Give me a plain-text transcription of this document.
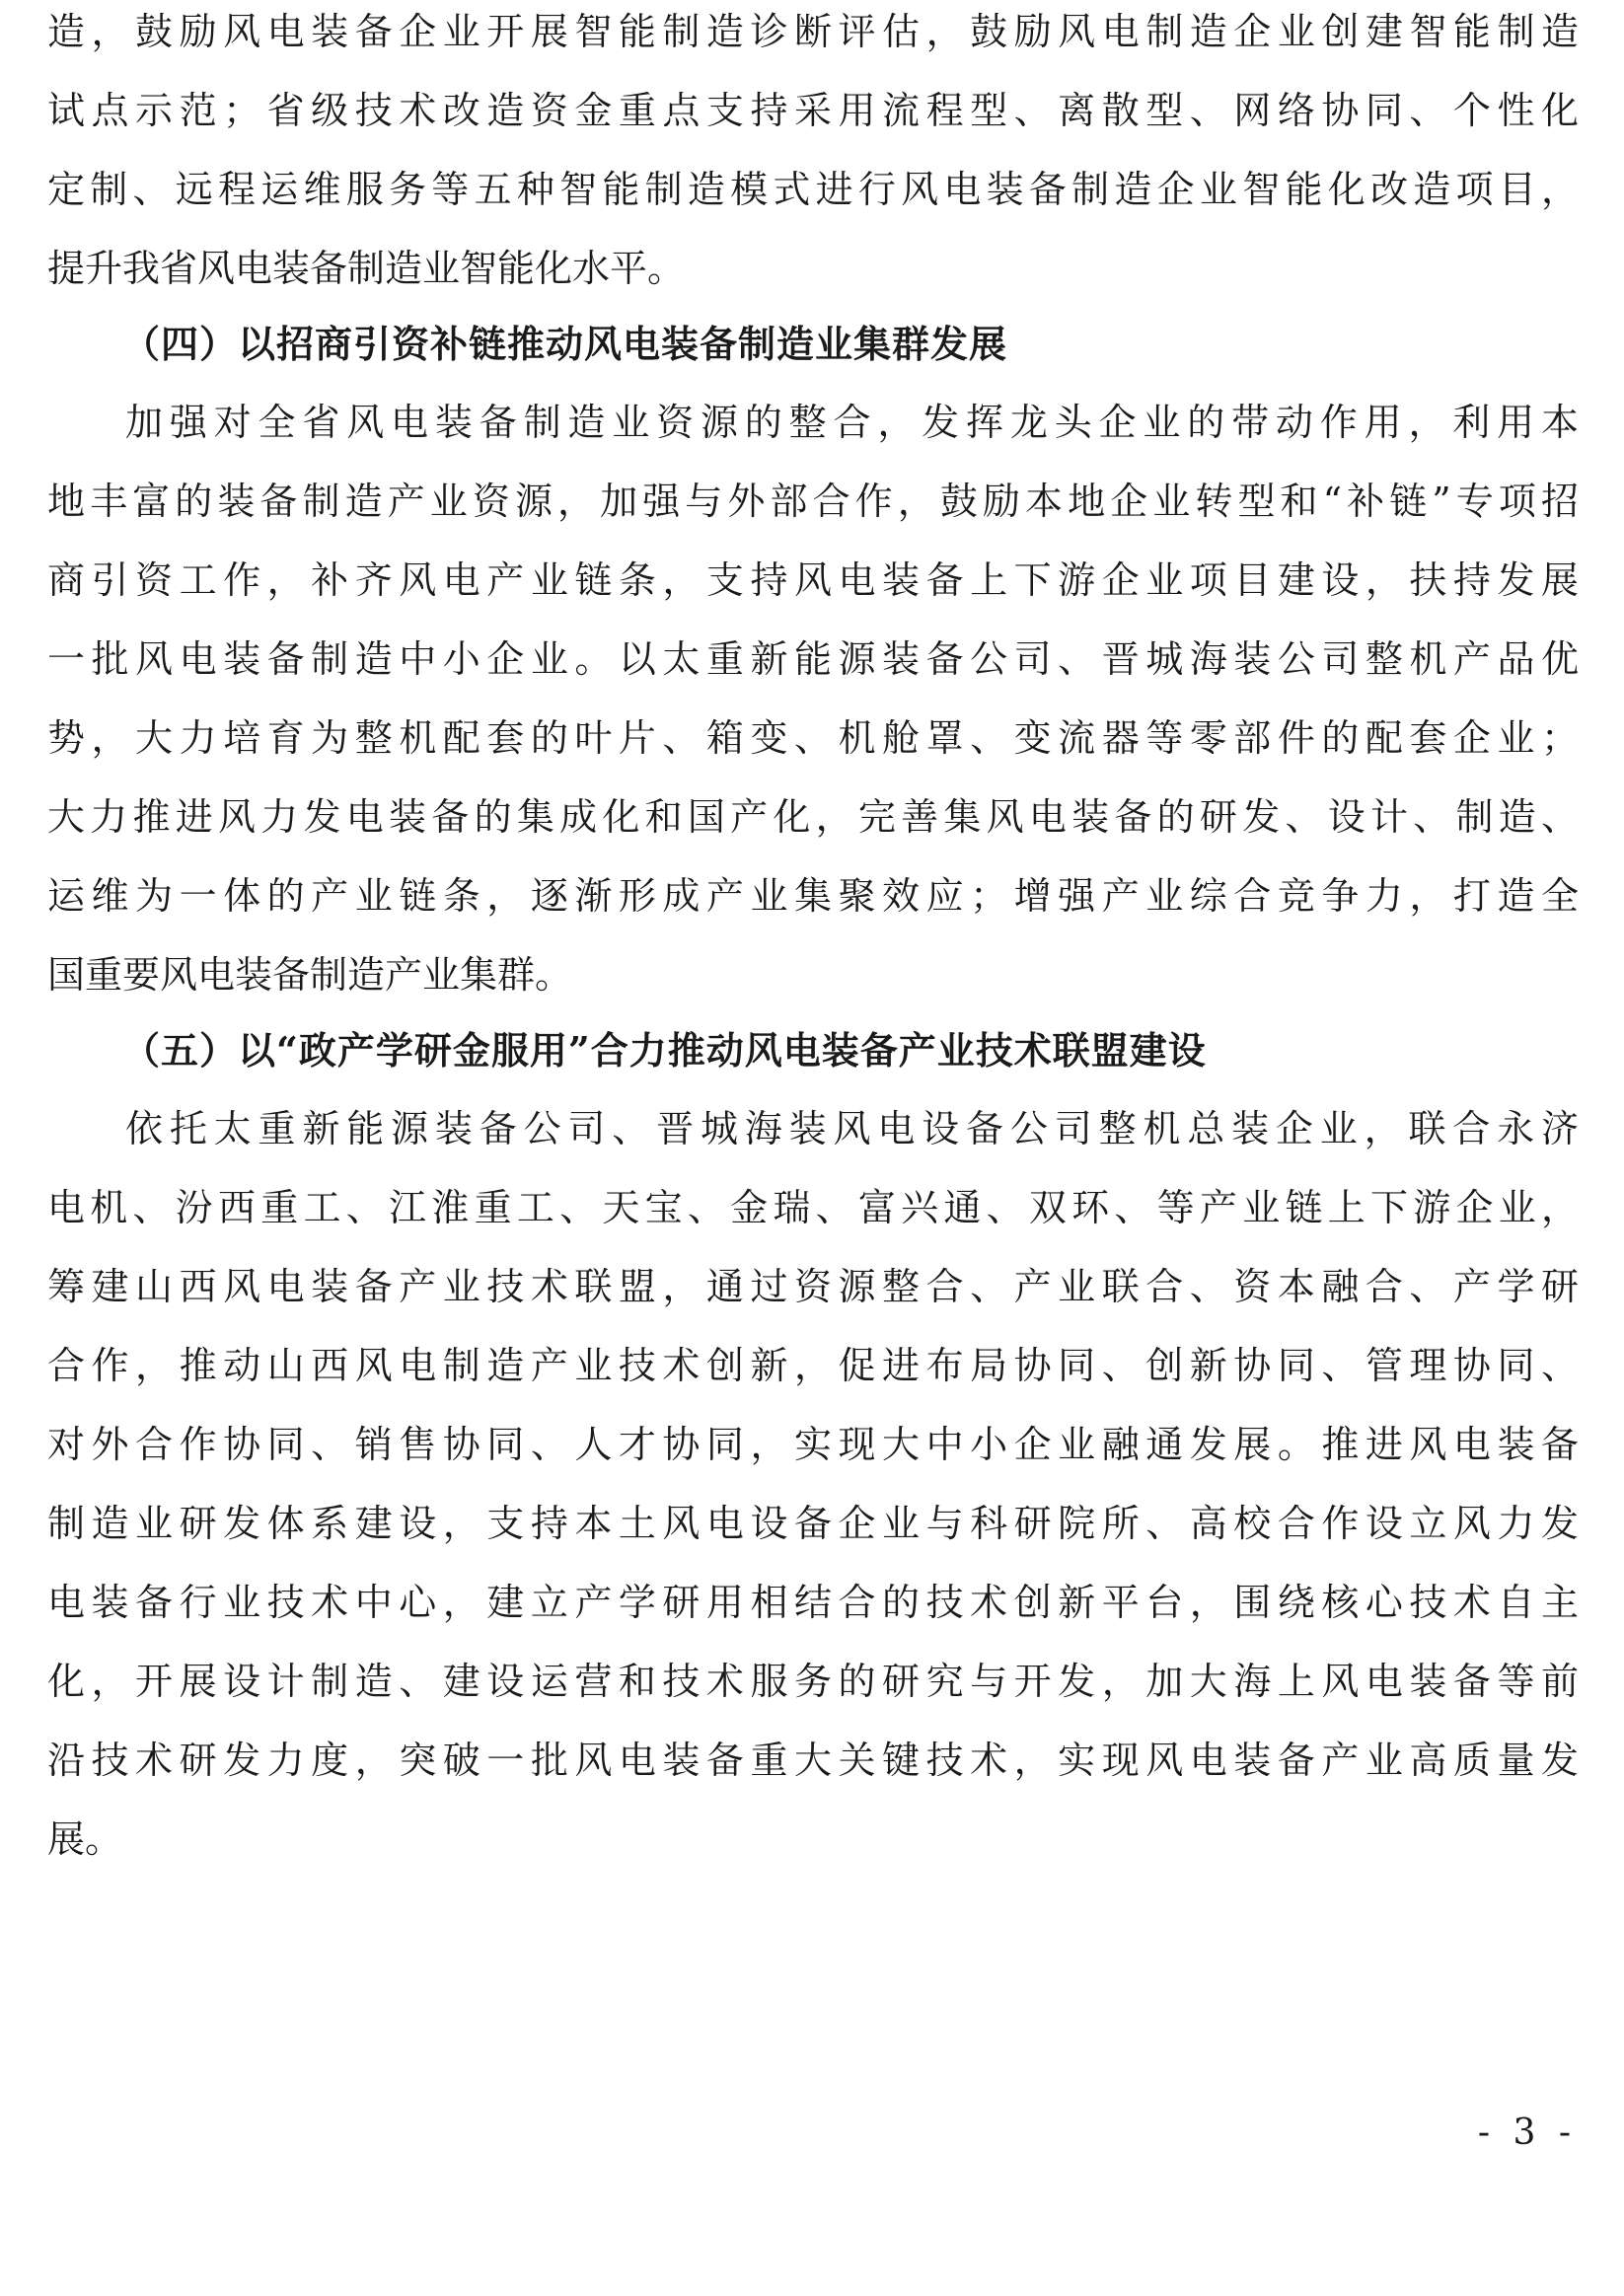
造，鼓励风电装备企业开展智能制造诊断评估，鼓励风电制造企业创建智能制造
试点示范；省级技术改造资金重点支持采用流程型、离散型、网络协同、个性化
定制、远程运维服务等五种智能制造模式进行风电装备制造企业智能化改造项目，
提升我省风电装备制造业智能化水平。
（四）以招商引资补链推动风电装备制造业集群发展
加强对全省风电装备制造业资源的整合，发挥龙头企业的带动作用，利用本
地丰富的装备制造产业资源，加强与外部合作，鼓励本地企业转型和“补链”专项招
商引资工作，补齐风电产业链条，支持风电装备上下游企业项目建设，扶持发展
一批风电装备制造中小企业。以太重新能源装备公司、晋城海装公司整机产品优
势，大力培育为整机配套的叶片、箱变、机舱罩、变流器等零部件的配套企业；
大力推进风力发电装备的集成化和国产化，完善集风电装备的研发、设计、制造、
运维为一体的产业链条，逐渐形成产业集聚效应；增强产业综合竞争力，打造全
国重要风电装备制造产业集群。
（五）以“政产学研金服用”合力推动风电装备产业技术联盟建设
依托太重新能源装备公司、晋城海装风电设备公司整机总装企业，联合永济
电机、汾西重工、江淮重工、天宝、金瑞、富兴通、双环、等产业链上下游企业，
筹建山西风电装备产业技术联盟，通过资源整合、产业联合、资本融合、产学研
合作，推动山西风电制造产业技术创新，促进布局协同、创新协同、管理协同、
对外合作协同、销售协同、人才协同，实现大中小企业融通发展。推进风电装备
制造业研发体系建设，支持本土风电设备企业与科研院所、高校合作设立风力发
电装备行业技术中心，建立产学研用相结合的技术创新平台，围绕核心技术自主
化，开展设计制造、建设运营和技术服务的研究与开发，加大海上风电装备等前
沿技术研发力度，突破一批风电装备重大关键技术，实现风电装备产业高质量发
展。
- 3 -
